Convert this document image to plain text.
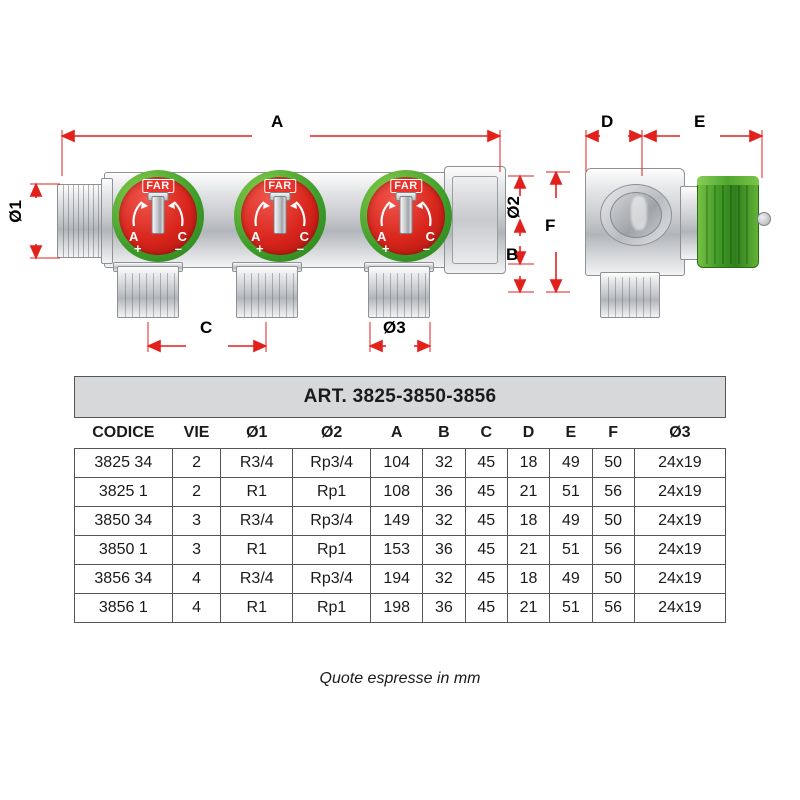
FAR
A	C
+	–
FAR
A	C
+	–
FAR
A	C
+	–
A	D	E
Ø1	Ø2
B
F
C	Ø3
ART. 3825-3850-3856
CODICE	VIE	Ø1	Ø2	A	B	C	D	E	F	Ø3
3825 34	2	R3/4	Rp3/4	104	32	45	18	49	50	24x19
3825 1	2	R1	Rp1	108	36	45	21	51	56	24x19
3850 34	3	R3/4	Rp3/4	149	32	45	18	49	50	24x19
3850 1	3	R1	Rp1	153	36	45	21	51	56	24x19
3856 34	4	R3/4	Rp3/4	194	32	45	18	49	50	24x19
3856 1	4	R1	Rp1	198	36	45	21	51	56	24x19
Quote espresse in mm
